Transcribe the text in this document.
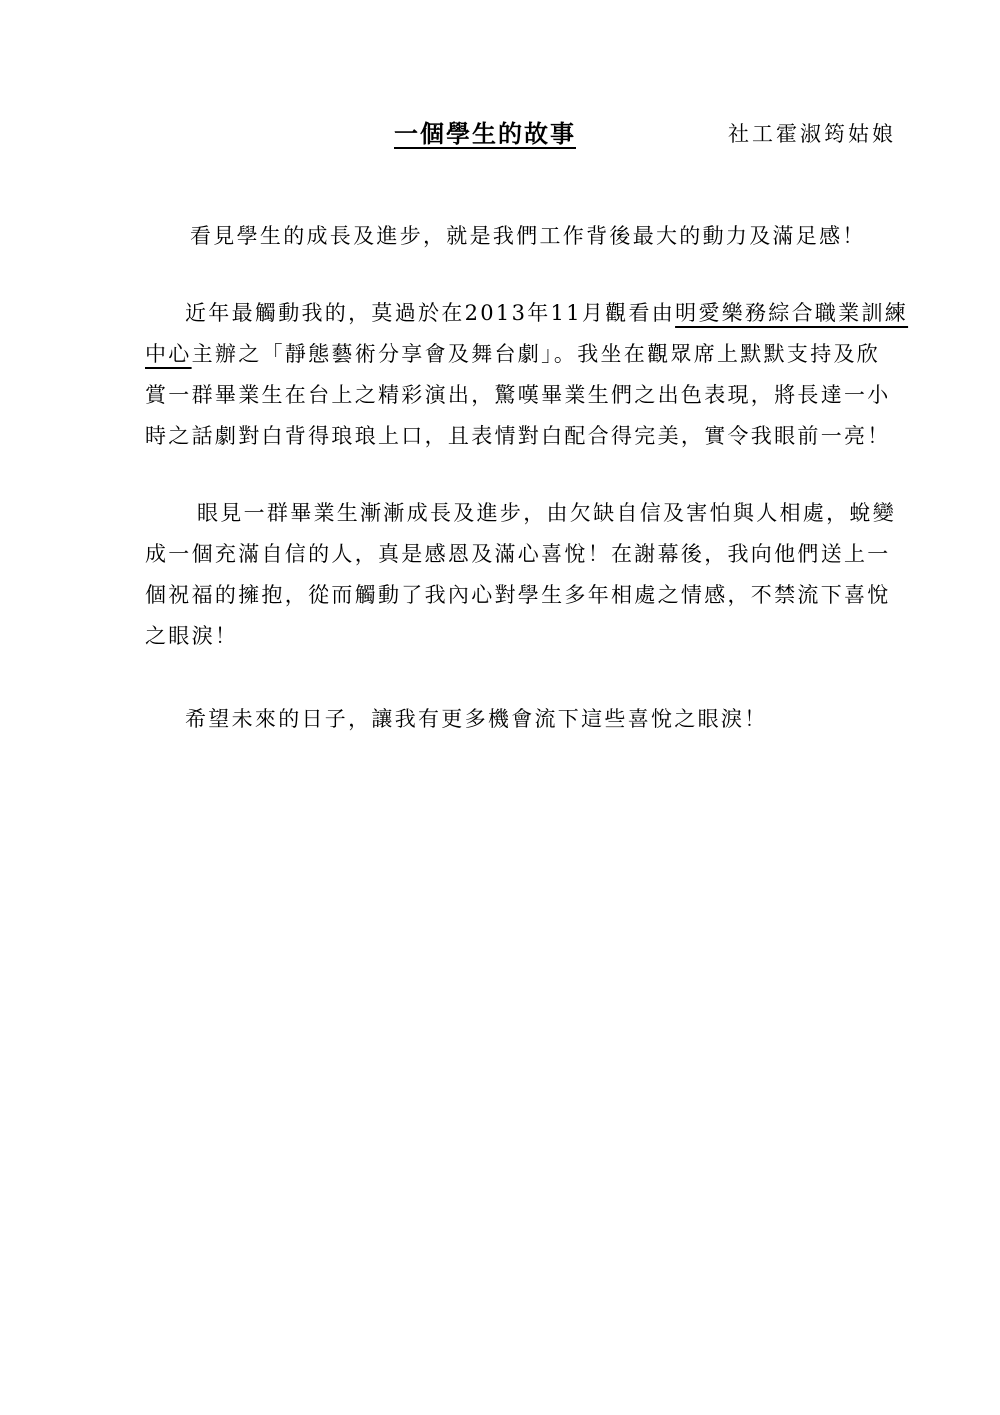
一個學生的故事	社工霍淑筠姑娘
看見學生的成長及進步，就是我們工作背後最大的動力及滿足感！
近年最觸動我的，莫過於在2013年11月觀看由明愛樂務綜合職業訓練
中心主辦之「靜態藝術分享會及舞台劇」。我坐在觀眾席上默默支持及欣
賞一群畢業生在台上之精彩演出，驚嘆畢業生們之出色表現，將長達一小
時之話劇對白背得琅琅上口，且表情對白配合得完美，實令我眼前一亮！
眼見一群畢業生漸漸成長及進步，由欠缺自信及害怕與人相處，蛻變
成一個充滿自信的人，真是感恩及滿心喜悅！在謝幕後，我向他們送上一
個祝福的擁抱，從而觸動了我內心對學生多年相處之情感，不禁流下喜悅
之眼淚！
希望未來的日子，讓我有更多機會流下這些喜悅之眼淚！
